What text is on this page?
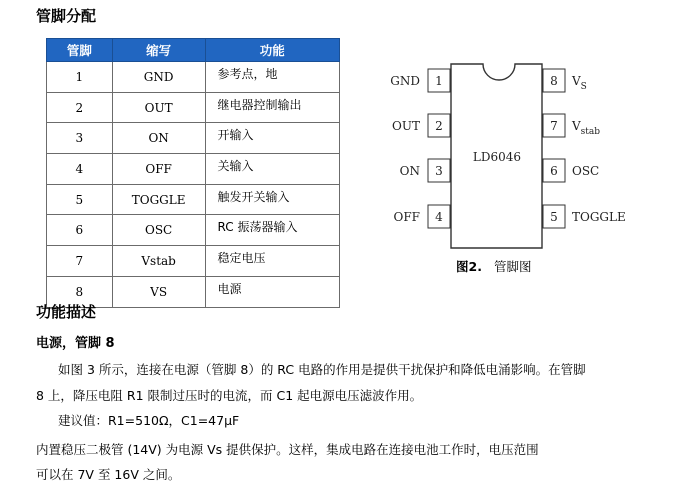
管脚分配
管脚	缩写	功能
1	GND	参考点，地
2	OUT	继电器控制输出
3	ON	开输入
4	OFF	关输入
5	TOGGLE	触发开关输入
6	OSC	RC 振荡器输入
7	Vstab	稳定电压
8	VS	电源
LD6046
1
GND
2
OUT
3
ON
4
OFF
8 $V_S$
7 $V_{stab}$
6 OSC
5 TOGGLE
图2. 管脚图
功能描述
电源，管脚 8
如图 3 所示，连接在电源（管脚 8）的 RC 电路的作用是提供干扰保护和降低电涌影响。在管脚
8 上，降压电阻 R1 限制过压时的电流，而 C1 起电源电压滤波作用。
建议值：R1=510Ω，C1=47μF
内置稳压二极管 (14V) 为电源 Vs 提供保护。这样，集成电路在连接电池工作时，电压范围
可以在 7V 至 16V 之间。
